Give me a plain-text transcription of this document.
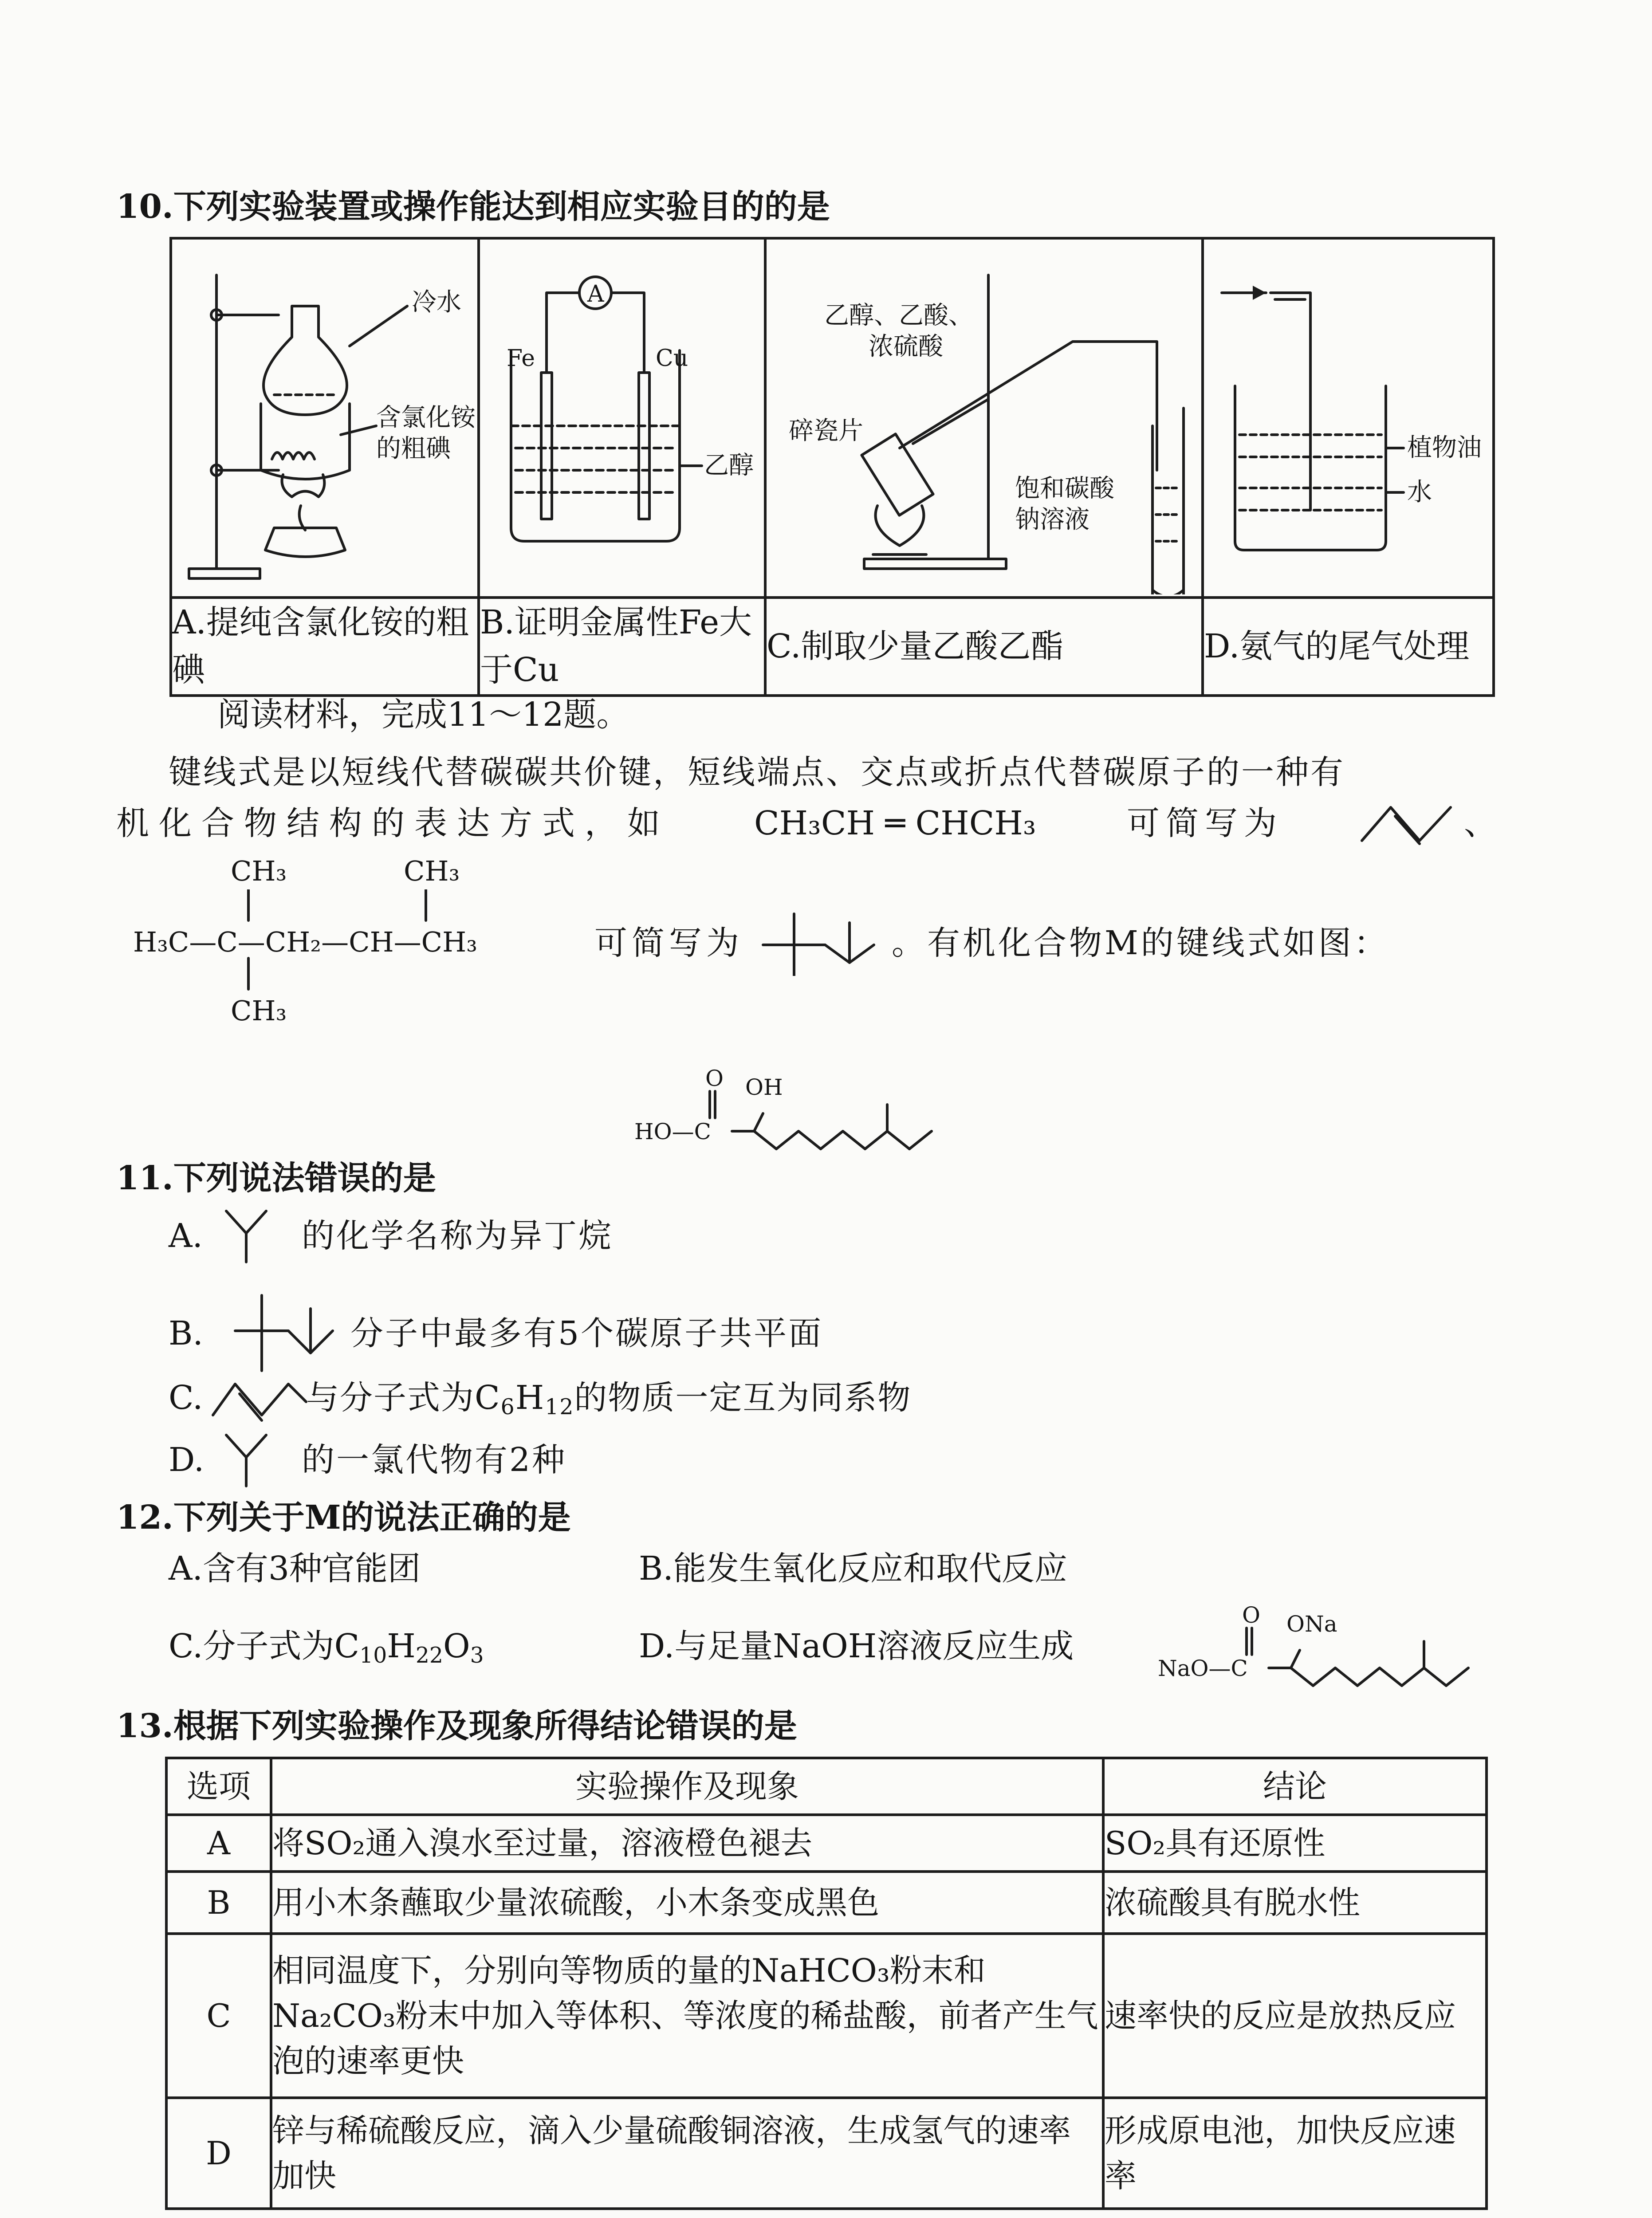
10.下列实验装置或操作能达到相应实验目的的是
冷水
含氯化铵
的粗碘	A
Fe Cu
乙醇	乙醇、乙酸、
浓硫酸
碎瓷片
饱和碳酸
钠溶液	植物油
水

A.提纯含氯化铵的粗碘	B.证明金属性Fe大于Cu	C.制取少量乙酸乙酯	D.氨气的尾气处理
阅读材料，完成11～12题。
键线式是以短线代替碳碳共价键，短线端点、交点或折点代替碳原子的一种有
机化合物结构的表达方式，如	CH₃CH ═ CHCH₃	可简写为	、
CH₃	CH₃
H₃C—C—CH₂—CH—CH₃
CH₃
可简写为	。有机化合物M的键线式如图：
O OH
HO—C
11.下列说法错误的是
A.	的化学名称为异丁烷
B.	分子中最多有5个碳原子共平面
C.	与分子式为$C_6H_{12}$的物质一定互为同系物
D.	的一氯代物有2种
12.下列关于M的说法正确的是
A.含有3种官能团	B.能发生氧化反应和取代反应
C.分子式为$C_{10}H_{22}O_3$	D.与足量NaOH溶液反应生成
O ONa
NaO—C
13.根据下列实验操作及现象所得结论错误的是
选项	实验操作及现象	结论
A	将SO₂通入溴水至过量，溶液橙色褪去	SO₂具有还原性
B	用小木条蘸取少量浓硫酸，小木条变成黑色	浓硫酸具有脱水性
C	相同温度下，分别向等物质的量的NaHCO₃粉末和Na₂CO₃粉末中加入等体积、等浓度的稀盐酸，前者产生气泡的速率更快	速率快的反应是放热反应
D	锌与稀硫酸反应，滴入少量硫酸铜溶液，生成氢气的速率加快	形成原电池，加快反应速率
